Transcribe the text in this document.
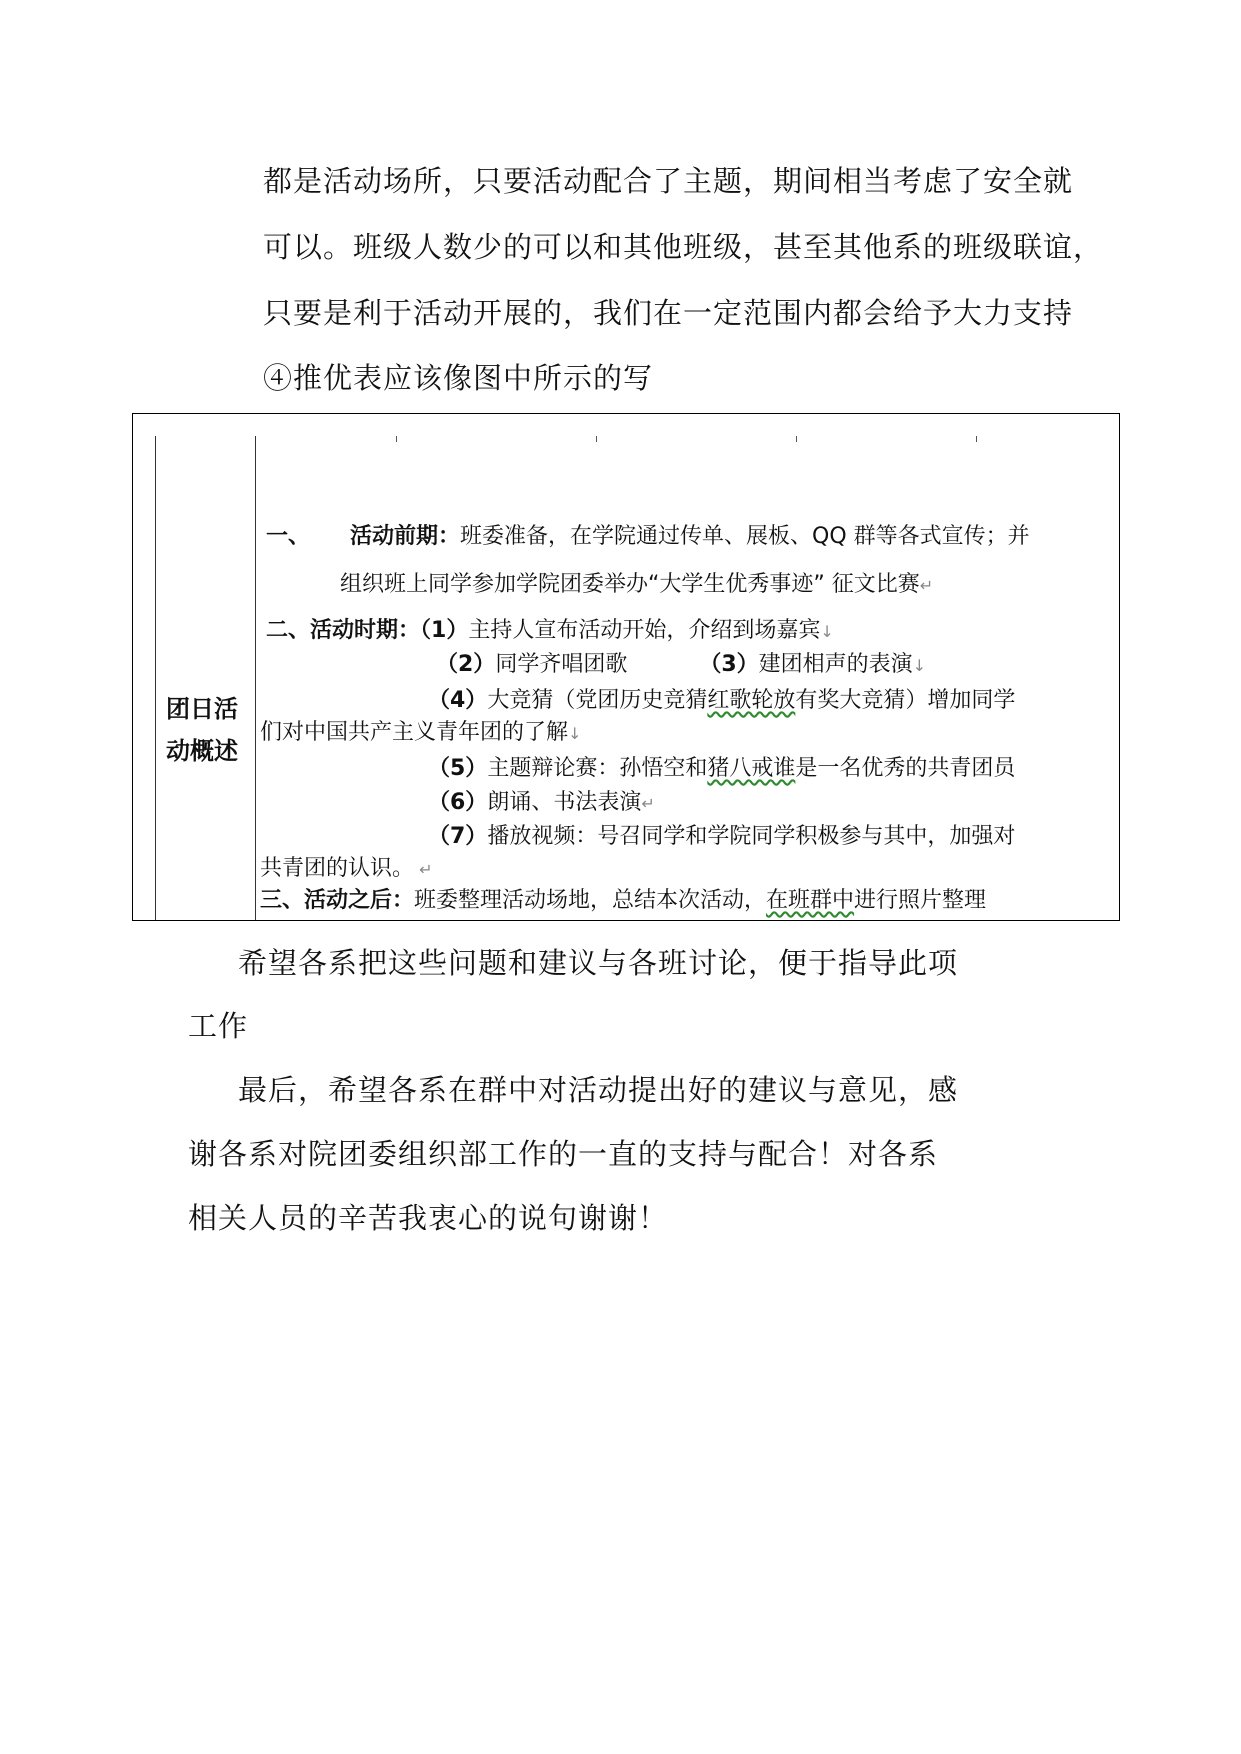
都是活动场所，只要活动配合了主题，期间相当考虑了安全就
可以。班级人数少的可以和其他班级，甚至其他系的班级联谊，
只要是利于活动开展的，我们在一定范围内都会给予大力支持
④推优表应该像图中所示的写
团日活
动概述
一、 活动前期：班委准备，在学院通过传单、展板、QQ 群等各式宣传；并
组织班上同学参加学院团委举办“大学生优秀事迹” 征文比赛↵
二、活动时期：（1）主持人宣布活动开始，介绍到场嘉宾↓
（2）同学齐唱团歌	（3）建团相声的表演↓
（4）大竞猜（党团历史竞猜红歌轮放有奖大竞猜）增加同学
们对中国共产主义青年团的了解↓
（5）主题辩论赛：孙悟空和猪八戒谁是一名优秀的共青团员
（6）朗诵、书法表演↵
（7）播放视频：号召同学和学院同学积极参与其中，加强对
共青团的认识。 ↵
三、活动之后：班委整理活动场地，总结本次活动，在班群中进行照片整理
希望各系把这些问题和建议与各班讨论，便于指导此项
工作
最后，希望各系在群中对活动提出好的建议与意见，感
谢各系对院团委组织部工作的一直的支持与配合！对各系
相关人员的辛苦我衷心的说句谢谢！
